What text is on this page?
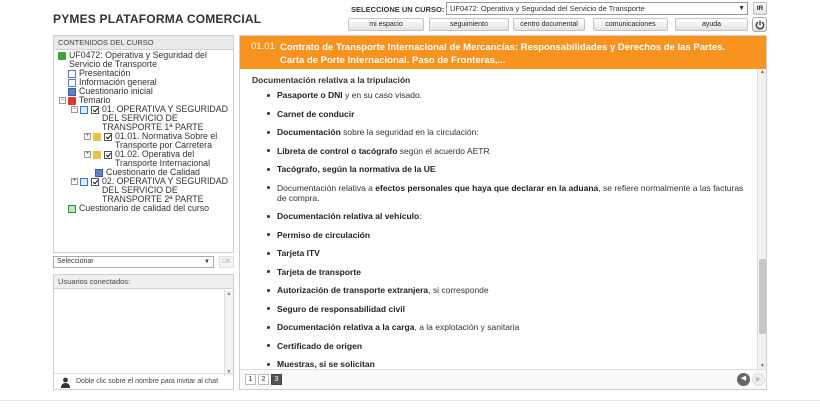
PYMES PLATAFORMA COMERCIAL
SELECCIONE UN CURSO: UF0472: Operativa y Seguridad del Servicio de Transporte	▼	IR
mi espacio	seguimiento	centro documental	comunicaciones	ayuda
CONTENIDOS DEL CURSO
UF0472: Operativa y Seguridad del Servicio de Transporte
Presentación
Información general
Cuestionario inicial
− Temario
−	01. OPERATIVA Y SEGURIDAD DEL SERVICIO DE TRANSPORTE 1ª PARTE
+	01.01. Normativa Sobre el Transporte por Carretera
+	01.02. Operativa del Transporte Internacional
Cuestionario de Calidad
+	02. OPERATIVA Y SEGURIDAD DEL SERVICIO DE TRANSPORTE 2ª PARTE
Cuestionario de calidad del curso
Seleccionar	▼	OK
Usuarios conectados:
▲
▼
Doble clic sobre el nombre para invitar al chat
01.01 Contrato de Transporte Internacional de Mercancías: Responsabilidades y Derechos de las Partes. Carta de Porte Internacional. Paso de Fronteras,...
Documentación relativa a la tripulación
Pasaporte o DNI y en su caso visado.
Carnet de conducir
Documentación sobre la seguridad en la circulación:
Libreta de control o tacógrafo según el acuerdo AETR
Tacógrafo, según la normativa de la UE
Documentación relativa a efectos personales que haya que declarar en la aduana, se refiere normalmente a las facturas de compra.
Documentación relativa al vehículo:
Permiso de circulación
Tarjeta ITV
Tarjeta de transporte
Autorización de transporte extranjera, si corresponde
Seguro de responsabilidad civil
Documentación relativa a la carga, a la explotación y sanitaria
Certificado de origen
Muestras, si se solicitan
▲
▼
1	2	3	◀	▶
